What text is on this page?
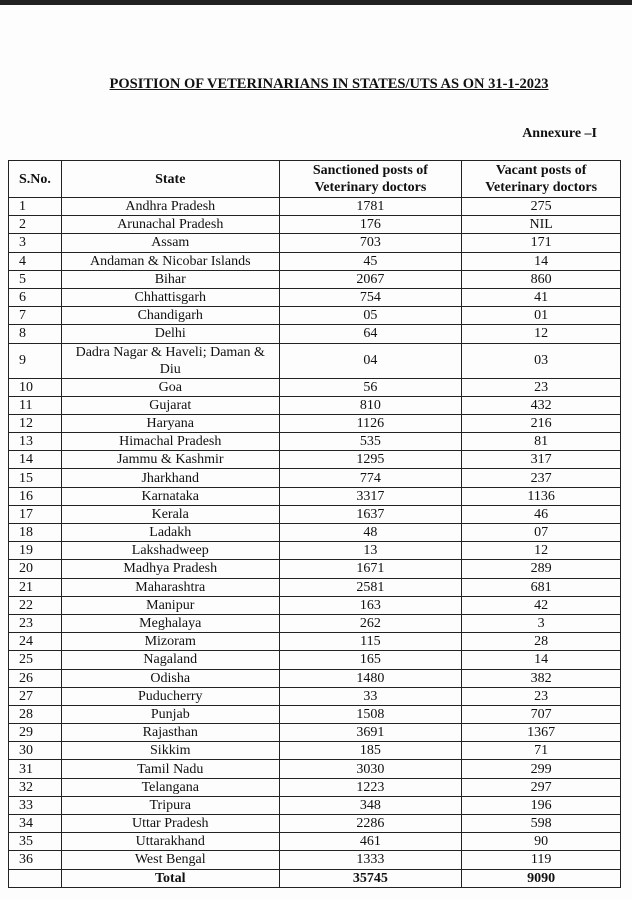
POSITION OF VETERINARIANS IN STATES/UTS AS ON 31-1-2023
Annexure –I
S.No.	State	Sanctioned posts of Veterinary doctors	Vacant posts of Veterinary doctors
1	Andhra Pradesh	1781	275
2	Arunachal Pradesh	176	NIL
3	Assam	703	171
4	Andaman & Nicobar Islands	45	14
5	Bihar	2067	860
6	Chhattisgarh	754	41
7	Chandigarh	05	01
8	Delhi	64	12
9	Dadra Nagar & Haveli; Daman & Diu	04	03
10	Goa	56	23
11	Gujarat	810	432
12	Haryana	1126	216
13	Himachal Pradesh	535	81
14	Jammu & Kashmir	1295	317
15	Jharkhand	774	237
16	Karnataka	3317	1136
17	Kerala	1637	46
18	Ladakh	48	07
19	Lakshadweep	13	12
20	Madhya Pradesh	1671	289
21	Maharashtra	2581	681
22	Manipur	163	42
23	Meghalaya	262	3
24	Mizoram	115	28
25	Nagaland	165	14
26	Odisha	1480	382
27	Puducherry	33	23
28	Punjab	1508	707
29	Rajasthan	3691	1367
30	Sikkim	185	71
31	Tamil Nadu	3030	299
32	Telangana	1223	297
33	Tripura	348	196
34	Uttar Pradesh	2286	598
35	Uttarakhand	461	90
36	West Bengal	1333	119
	Total	35745	9090
